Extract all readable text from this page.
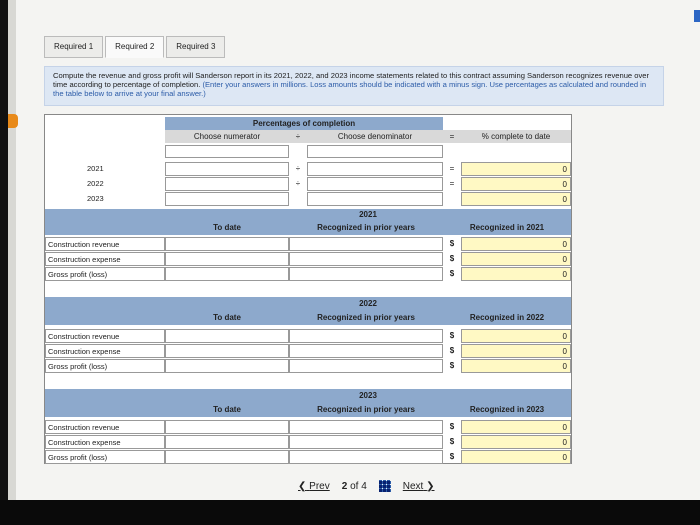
Required 1	Required 2	Required 3
Compute the revenue and gross profit will Sanderson report in its 2021, 2022, and 2023 income statements related to this contract assuming Sanderson recognizes revenue over time according to percentage of completion. (Enter your answers in millions. Loss amounts should be indicated with a minus sign. Use percentages as calculated and rounded in the table below to arrive at your final answer.)
Percentages of completion
Choose numerator	÷	Choose denominator	=	% complete to date
2021	÷	=	0
2022	÷	=	0
2023	0
2021
To date	Recognized in prior years	Recognized in 2021
Construction revenue	$	0
Construction expense	$	0
Gross profit (loss)	$	0
2022
To date	Recognized in prior years	Recognized in 2022
Construction revenue	$	0
Construction expense	$	0
Gross profit (loss)	$	0
2023
To date	Recognized in prior years	Recognized in 2023
Construction revenue	$	0
Construction expense	$	0
Gross profit (loss)	$	0
❮ Prev 2 of 4	Next ❯
